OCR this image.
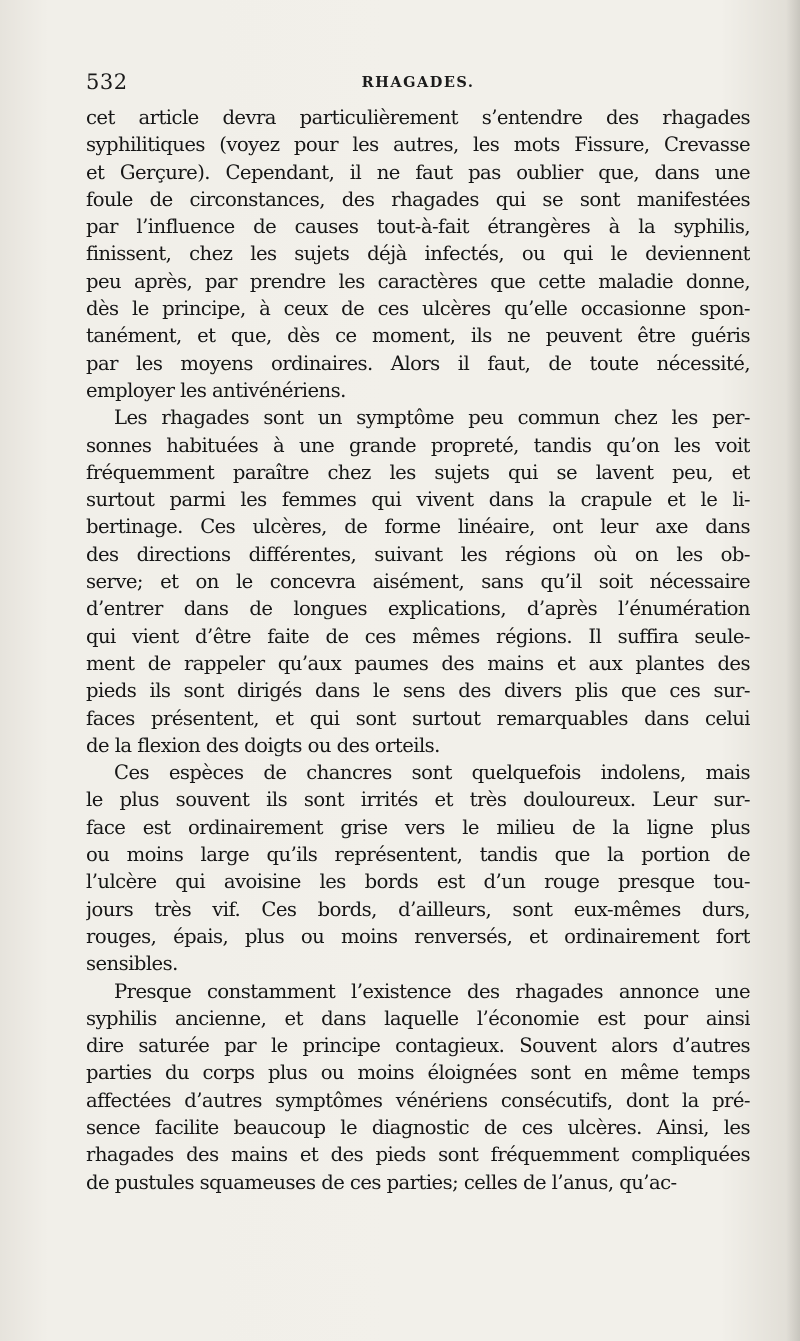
532	RHAGADES.
cet article devra particulièrement s’entendre des rhagades
syphilitiques (voyez pour les autres, les mots Fissure, Crevasse
et Gerçure). Cependant, il ne faut pas oublier que, dans une
foule de circonstances, des rhagades qui se sont manifestées
par l’influence de causes tout-à-fait étrangères à la syphilis,
finissent, chez les sujets déjà infectés, ou qui le deviennent
peu après, par prendre les caractères que cette maladie donne,
dès le principe, à ceux de ces ulcères qu’elle occasionne spon-
tanément, et que, dès ce moment, ils ne peuvent être guéris
par les moyens ordinaires. Alors il faut, de toute nécessité,
employer les antivénériens.
Les rhagades sont un symptôme peu commun chez les per-
sonnes habituées à une grande propreté, tandis qu’on les voit
fréquemment paraître chez les sujets qui se lavent peu, et
surtout parmi les femmes qui vivent dans la crapule et le li-
bertinage. Ces ulcères, de forme linéaire, ont leur axe dans
des directions différentes, suivant les régions où on les ob-
serve; et on le concevra aisément, sans qu’il soit nécessaire
d’entrer dans de longues explications, d’après l’énumération
qui vient d’être faite de ces mêmes régions. Il suffira seule-
ment de rappeler qu’aux paumes des mains et aux plantes des
pieds ils sont dirigés dans le sens des divers plis que ces sur-
faces présentent, et qui sont surtout remarquables dans celui
de la flexion des doigts ou des orteils.
Ces espèces de chancres sont quelquefois indolens, mais
le plus souvent ils sont irrités et très douloureux. Leur sur-
face est ordinairement grise vers le milieu de la ligne plus
ou moins large qu’ils représentent, tandis que la portion de
l’ulcère qui avoisine les bords est d’un rouge presque tou-
jours très vif. Ces bords, d’ailleurs, sont eux-mêmes durs,
rouges, épais, plus ou moins renversés, et ordinairement fort
sensibles.
Presque constamment l’existence des rhagades annonce une
syphilis ancienne, et dans laquelle l’économie est pour ainsi
dire saturée par le principe contagieux. Souvent alors d’autres
parties du corps plus ou moins éloignées sont en même temps
affectées d’autres symptômes vénériens consécutifs, dont la pré-
sence facilite beaucoup le diagnostic de ces ulcères. Ainsi, les
rhagades des mains et des pieds sont fréquemment compliquées
de pustules squameuses de ces parties; celles de l’anus, qu’ac-
